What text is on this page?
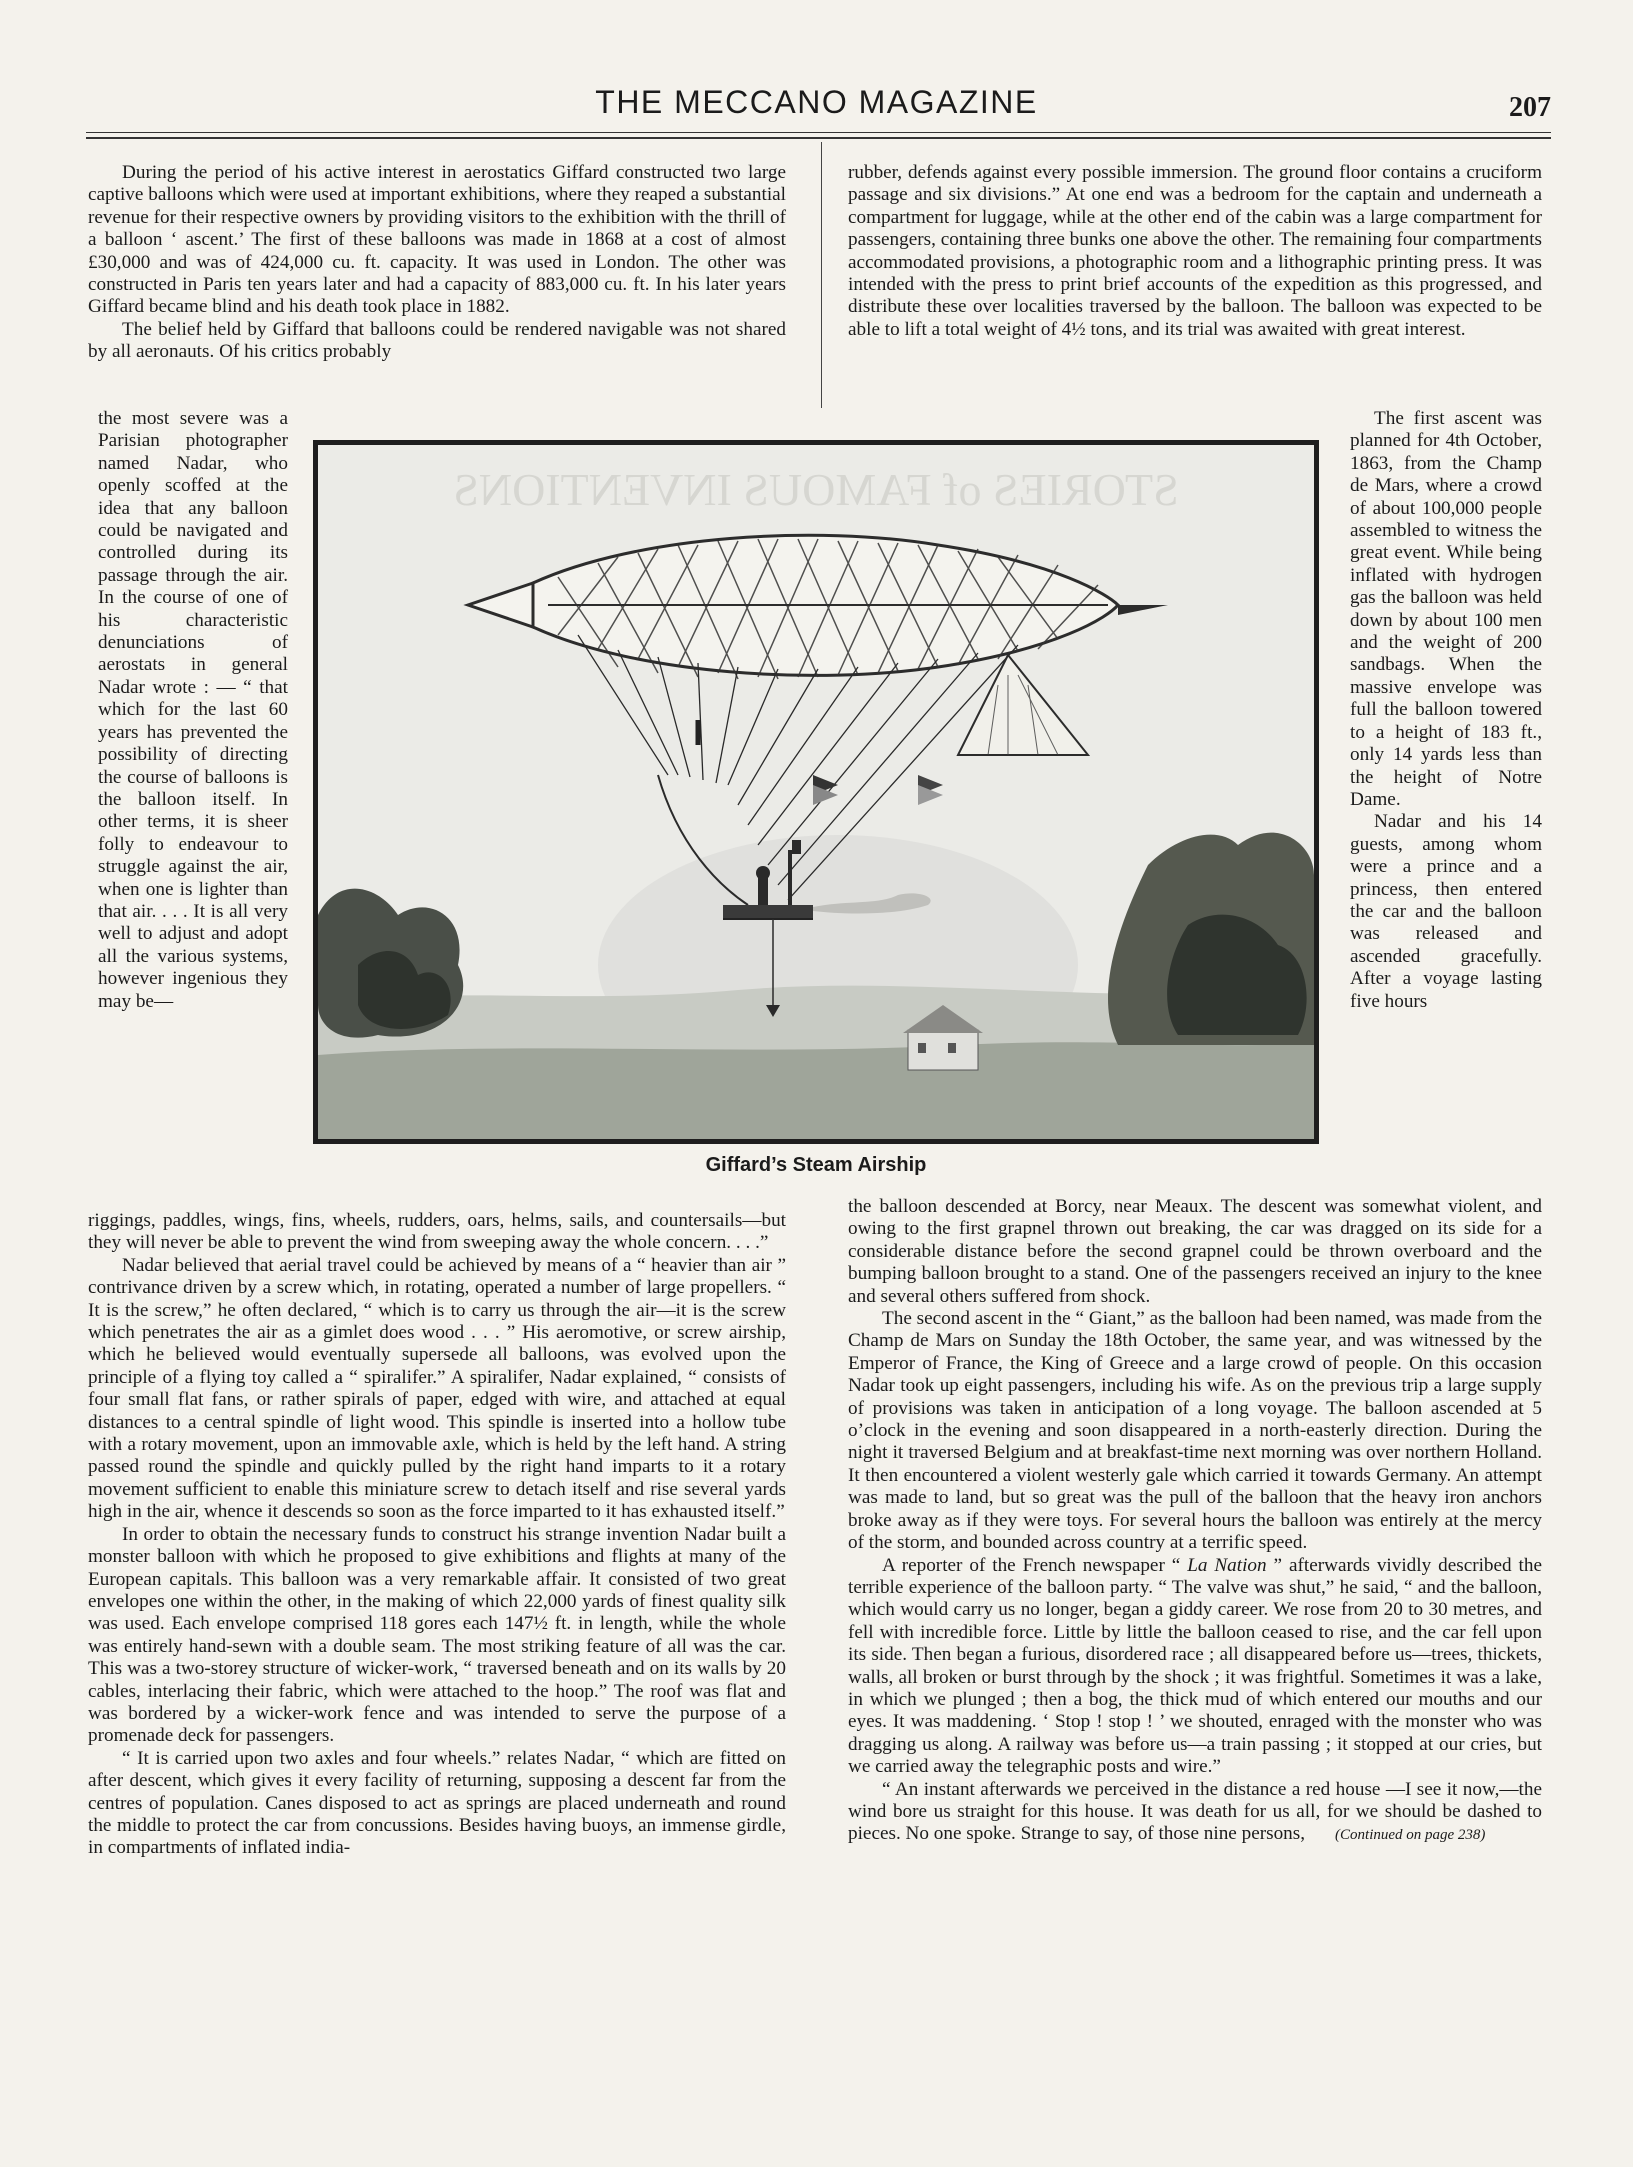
THE MECCANO MAGAZINE	207

During the period of his active interest in aerostatics Giffard constructed two large captive balloons which were used at important exhibitions, where they reaped a substantial revenue for their respective owners by providing visitors to the exhibition with the thrill of a balloon ‘ ascent.’ The first of these balloons was made in 1868 at a cost of almost £30,000 and was of 424,000 cu. ft. capacity. It was used in London. The other was constructed in Paris ten years later and had a capacity of 883,000 cu. ft. In his later years Giffard became blind and his death took place in 1882.

The belief held by Giffard that balloons could be rendered navigable was not shared by all aeronauts. Of his critics probably

the most severe was a Parisian photographer named Nadar, who openly scoffed at the idea that any balloon could be navigated and controlled during its passage through the air. In the course of one of his characteristic denunciations of aerostats in general Nadar wrote : — “ that which for the last 60 years has prevented the possibility of directing the course of balloons is the balloon itself. In other terms, it is sheer folly to endeavour to struggle against the air, when one is lighter than that air. . . . It is all very well to adjust and adopt all the various systems, however ingenious they may be—

rubber, defends against every possible immersion. The ground floor contains a cruciform passage and six divisions.” At one end was a bedroom for the captain and underneath a compartment for luggage, while at the other end of the cabin was a large compartment for passengers, containing three bunks one above the other. The remaining four compartments accommodated provisions, a photographic room and a lithographic printing press. It was intended with the press to print brief accounts of the expedition as this progressed, and distribute these over localities traversed by the balloon. The balloon was expected to be able to lift a total weight of 4½ tons, and its trial was awaited with great interest.

The first ascent was planned for 4th October, 1863, from the Champ de Mars, where a crowd of about 100,000 people assembled to witness the great event. While being inflated with hydrogen gas the balloon was held down by about 100 men and the weight of 200 sandbags. When the massive envelope was full the balloon towered to a height of 183 ft., only 14 yards less than the height of Notre Dame.

Nadar and his 14 guests, among whom were a prince and a princess, then entered the car and the balloon was released and ascended gracefully. After a voyage lasting five hours

STORIES of FAMOUS INVENTIONS
Giffard’s Steam Airship

riggings, paddles, wings, fins, wheels, rudders, oars, helms, sails, and countersails—but they will never be able to prevent the wind from sweeping away the whole concern. . . .”

Nadar believed that aerial travel could be achieved by means of a “ heavier than air ” contrivance driven by a screw which, in rotating, operated a number of large propellers. “ It is the screw,” he often declared, “ which is to carry us through the air—it is the screw which penetrates the air as a gimlet does wood . . . ” His aeromotive, or screw airship, which he believed would eventually supersede all balloons, was evolved upon the principle of a flying toy called a “ spiralifer.” A spiralifer, Nadar explained, “ consists of four small flat fans, or rather spirals of paper, edged with wire, and attached at equal distances to a central spindle of light wood. This spindle is inserted into a hollow tube with a rotary movement, upon an immovable axle, which is held by the left hand. A string passed round the spindle and quickly pulled by the right hand imparts to it a rotary movement sufficient to enable this miniature screw to detach itself and rise several yards high in the air, whence it descends so soon as the force imparted to it has exhausted itself.”

In order to obtain the necessary funds to construct his strange invention Nadar built a monster balloon with which he proposed to give exhibitions and flights at many of the European capitals. This balloon was a very remarkable affair. It consisted of two great envelopes one within the other, in the making of which 22,000 yards of finest quality silk was used. Each envelope comprised 118 gores each 147½ ft. in length, while the whole was entirely hand-sewn with a double seam. The most striking feature of all was the car. This was a two-storey structure of wicker-work, “ traversed beneath and on its walls by 20 cables, interlacing their fabric, which were attached to the hoop.” The roof was flat and was bordered by a wicker-work fence and was intended to serve the purpose of a promenade deck for passengers.

“ It is carried upon two axles and four wheels.” relates Nadar, “ which are fitted on after descent, which gives it every facility of returning, supposing a descent far from the centres of population. Canes disposed to act as springs are placed underneath and round the middle to protect the car from concussions. Besides having buoys, an immense girdle, in compartments of inflated india-

the balloon descended at Borcy, near Meaux. The descent was somewhat violent, and owing to the first grapnel thrown out breaking, the car was dragged on its side for a considerable distance before the second grapnel could be thrown overboard and the bumping balloon brought to a stand. One of the passengers received an injury to the knee and several others suffered from shock.

The second ascent in the “ Giant,” as the balloon had been named, was made from the Champ de Mars on Sunday the 18th October, the same year, and was witnessed by the Emperor of France, the King of Greece and a large crowd of people. On this occasion Nadar took up eight passengers, including his wife. As on the previous trip a large supply of provisions was taken in anticipation of a long voyage. The balloon ascended at 5 o’clock in the evening and soon disappeared in a north-easterly direction. During the night it traversed Belgium and at breakfast-time next morning was over northern Holland. It then encountered a violent westerly gale which carried it towards Germany. An attempt was made to land, but so great was the pull of the balloon that the heavy iron anchors broke away as if they were toys. For several hours the balloon was entirely at the mercy of the storm, and bounded across country at a terrific speed.

A reporter of the French newspaper “ La Nation ” afterwards vividly described the terrible experience of the balloon party. “ The valve was shut,” he said, “ and the balloon, which would carry us no longer, began a giddy career. We rose from 20 to 30 metres, and fell with incredible force. Little by little the balloon ceased to rise, and the car fell upon its side. Then began a furious, disordered race ; all disappeared before us—trees, thickets, walls, all broken or burst through by the shock ; it was frightful. Sometimes it was a lake, in which we plunged ; then a bog, the thick mud of which entered our mouths and our eyes. It was maddening. ‘ Stop ! stop ! ’ we shouted, enraged with the monster who was dragging us along. A railway was before us—a train passing ; it stopped at our cries, but we carried away the telegraphic posts and wire.”

“ An instant afterwards we perceived in the distance a red house —I see it now,—the wind bore us straight for this house. It was death for us all, for we should be dashed to pieces. No one spoke. Strange to say, of those nine persons, (Continued on page 238)
